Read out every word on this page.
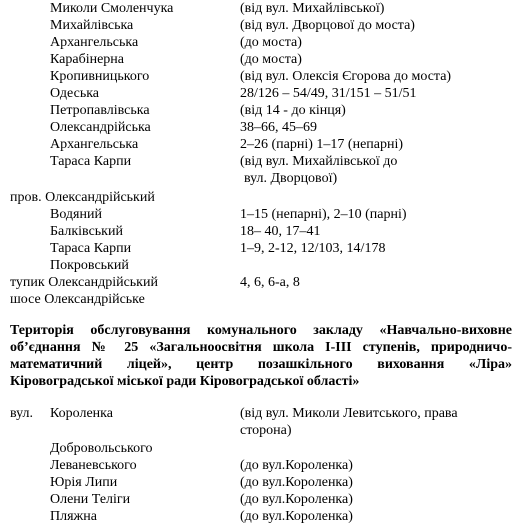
Миколи Смоленчука	(від вул. Михайлівської)
Михайлівська	(від вул. Дворцової до моста)
Архангельська	(до моста)
Карабінерна	(до моста)
Кропивницького	(від вул. Олексія Єгорова до моста)
Одеська	28/126 – 54/49, 31/151 – 51/51
Петропавлівська	(від 14 - до кінця)
Олександрійська	38–66, 45–69
Архангельська	2–26 (парні) 1–17 (непарні)
Тараса Карпи	(від вул. Михайлівської до
вул. Дворцової)
пров. Олександрійський
Водяний	1–15 (непарні), 2–10 (парні)
Балківський	18– 40, 17–41
Тараса Карпи	1–9, 2-12, 12/103, 14/178
Покровський
тупик Олександрійський	4, 6, 6-а, 8
шосе Олександрійське
Територія обслуговування комунального закладу «Навчально-виховне
об’єднання № 25 «Загальноосвітня школа І-ІІІ ступенів, природничо-
математичний ліцей», центр позашкільного виховання «Ліра»
Кіровоградської міської ради Кіровоградської області»
вул. Короленка	(від вул. Миколи Левитського, права
сторона)
Добровольського
Леваневського	(до вул.Короленка)
Юрія Липи	(до вул.Короленка)
Олени Теліги	(до вул.Короленка)
Пляжна	(до вул.Короленка)
